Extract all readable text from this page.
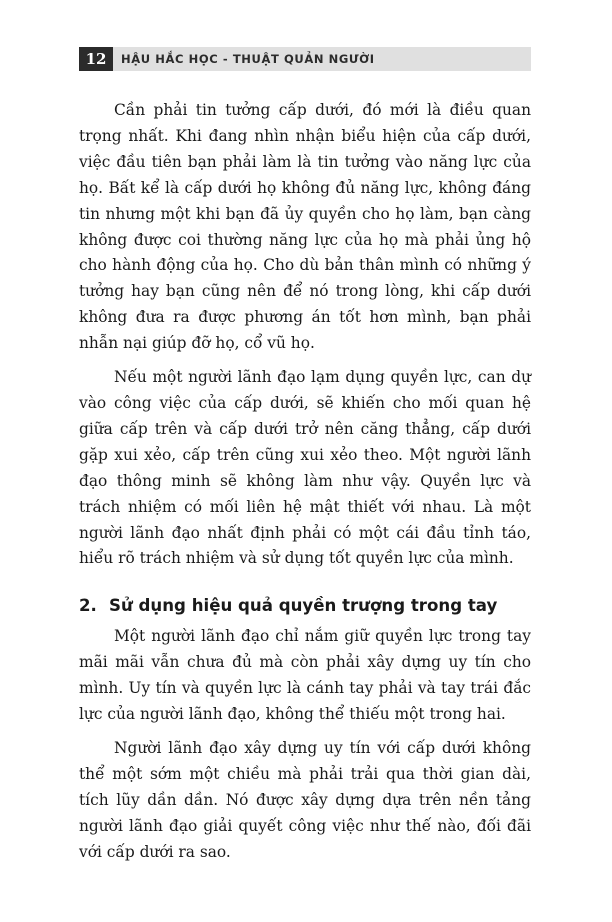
12	HẬU HẮC HỌC - THUẬT QUẢN NGƯỜI

Cần phải tin tưởng cấp dưới, đó mới là điều quan trọng nhất. Khi đang nhìn nhận biểu hiện của cấp dưới, việc đầu tiên bạn phải làm là tin tưởng vào năng lực của họ. Bất kể là cấp dưới họ không đủ năng lực, không đáng tin nhưng một khi bạn đã ủy quyền cho họ làm, bạn càng không được coi thường năng lực của họ mà phải ủng hộ cho hành động của họ. Cho dù bản thân mình có những ý tưởng hay bạn cũng nên để nó trong lòng, khi cấp dưới không đưa ra được phương án tốt hơn mình, bạn phải nhẫn nại giúp đỡ họ, cổ vũ họ.

Nếu một người lãnh đạo lạm dụng quyền lực, can dự vào công việc của cấp dưới, sẽ khiến cho mối quan hệ giữa cấp trên và cấp dưới trở nên căng thẳng, cấp dưới gặp xui xẻo, cấp trên cũng xui xẻo theo. Một người lãnh đạo thông minh sẽ không làm như vậy. Quyền lực và trách nhiệm có mối liên hệ mật thiết với nhau. Là một người lãnh đạo nhất định phải có một cái đầu tỉnh táo, hiểu rõ trách nhiệm và sử dụng tốt quyền lực của mình.

2. Sử dụng hiệu quả quyền trượng trong tay

Một người lãnh đạo chỉ nắm giữ quyền lực trong tay mãi mãi vẫn chưa đủ mà còn phải xây dựng uy tín cho mình. Uy tín và quyền lực là cánh tay phải và tay trái đắc lực của người lãnh đạo, không thể thiếu một trong hai.

Người lãnh đạo xây dựng uy tín với cấp dưới không thể một sớm một chiều mà phải trải qua thời gian dài, tích lũy dần dần. Nó được xây dựng dựa trên nền tảng người lãnh đạo giải quyết công việc như thế nào, đối đãi với cấp dưới ra sao.
